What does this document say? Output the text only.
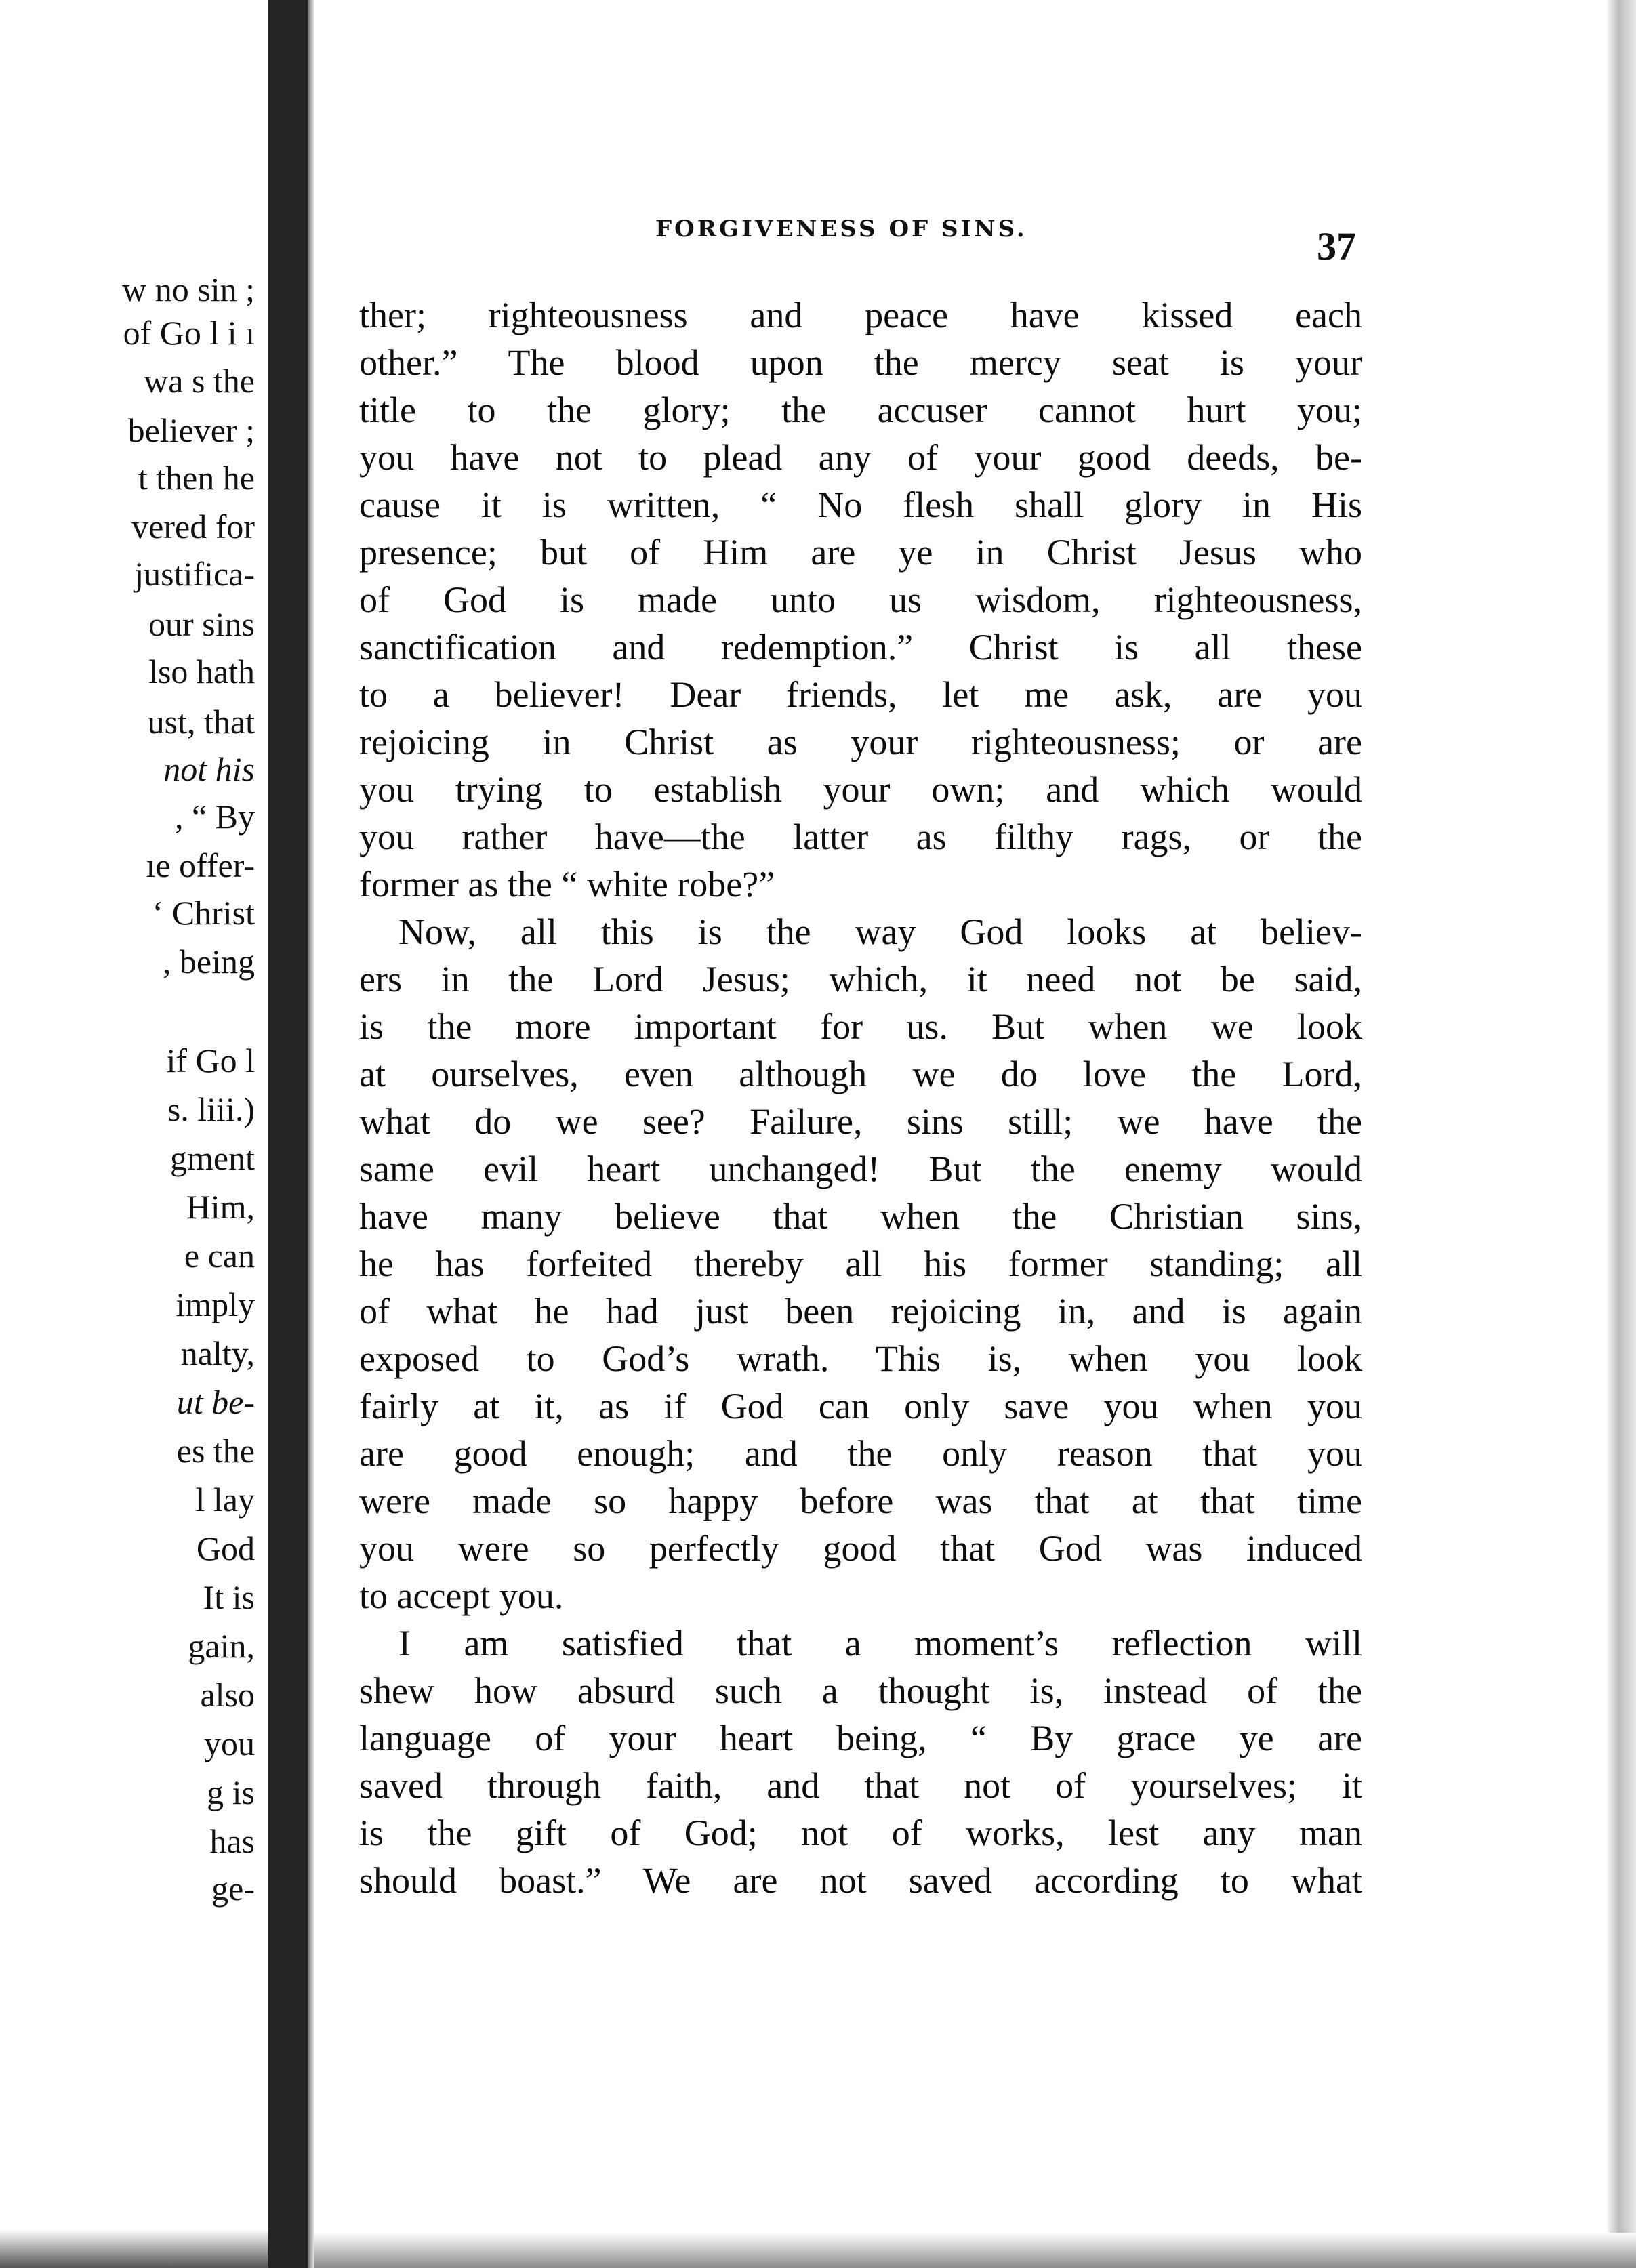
w no sin ;
of Go l i ı
wa s the
believer ;
t then he
vered for
justifica-
our sins
lso hath
ust, that
not his
, “ By
ıe offer-
‘ Christ
, being
if Go l
s. liii.)
gment
Him,
e can
imply
nalty,
ut be-
es the
l lay
God
It is
gain,
also
you
g is
has
ge-
FORGIVENESS OF SINS.	37
ther; righteousness and peace have kissed each
other.” The blood upon the mercy seat is your
title to the glory; the accuser cannot hurt you;
you have not to plead any of your good deeds, be-
cause it is written, “ No flesh shall glory in His
presence; but of Him are ye in Christ Jesus who
of God is made unto us wisdom, righteousness,
sanctification and redemption.” Christ is all these
to a believer! Dear friends, let me ask, are you
rejoicing in Christ as your righteousness; or are
you trying to establish your own; and which would
you rather have—the latter as filthy rags, or the
former as the “ white robe?”
Now, all this is the way God looks at believ-
ers in the Lord Jesus; which, it need not be said,
is the more important for us. But when we look
at ourselves, even although we do love the Lord,
what do we see? Failure, sins still; we have the
same evil heart unchanged! But the enemy would
have many believe that when the Christian sins,
he has forfeited thereby all his former standing; all
of what he had just been rejoicing in, and is again
exposed to God’s wrath. This is, when you look
fairly at it, as if God can only save you when you
are good enough; and the only reason that you
were made so happy before was that at that time
you were so perfectly good that God was induced
to accept you.
I am satisfied that a moment’s reflection will
shew how absurd such a thought is, instead of the
language of your heart being, “ By grace ye are
saved through faith, and that not of yourselves; it
is the gift of God; not of works, lest any man
should boast.” We are not saved according to what
